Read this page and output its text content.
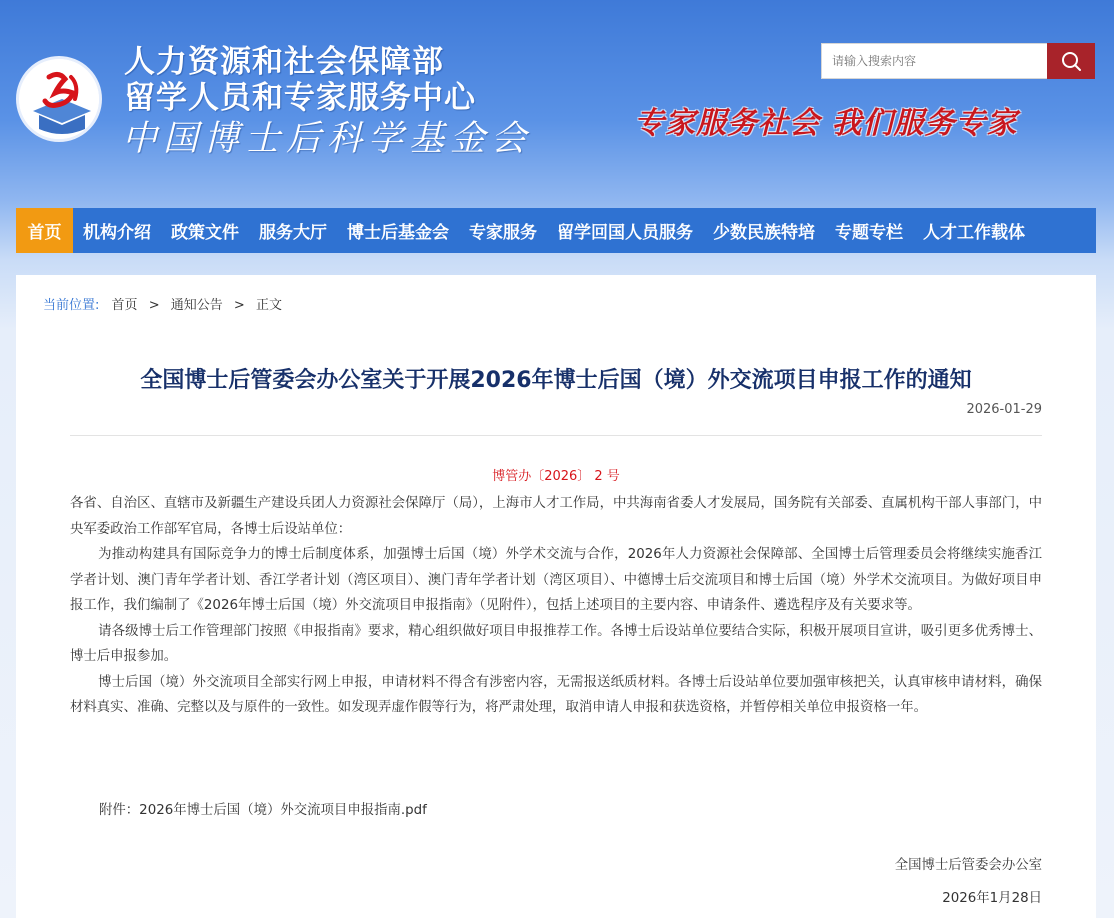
人力资源和社会保障部
留学人员和专家服务中心
中国博士后科学基金会
请输入搜索内容	专家服务社会 我们服务专家
首页	机构介绍	政策文件	服务大厅	博士后基金会	专家服务	留学回国人员服务	少数民族特培	专题专栏	人才工作载体
当前位置: 首页 > 通知公告 > 正文
全国博士后管委会办公室关于开展2026年博士后国（境）外交流项目申报工作的通知
2026-01-29
博管办〔2026〕 2 号

各省、自治区、直辖市及新疆生产建设兵团人力资源社会保障厅（局），上海市人才工作局，中共海南省委人才发展局，国务院有关部委、直属机构干部人事部门，中央军委政治工作部军官局，各博士后设站单位：

为推动构建具有国际竞争力的博士后制度体系，加强博士后国（境）外学术交流与合作，2026年人力资源社会保障部、全国博士后管理委员会将继续实施香江学者计划、澳门青年学者计划、香江学者计划（湾区项目）、澳门青年学者计划（湾区项目）、中德博士后交流项目和博士后国（境）外学术交流项目。为做好项目申报工作，我们编制了《2026年博士后国（境）外交流项目申报指南》（见附件），包括上述项目的主要内容、申请条件、遴选程序及有关要求等。

请各级博士后工作管理部门按照《申报指南》要求，精心组织做好项目申报推荐工作。各博士后设站单位要结合实际，积极开展项目宣讲，吸引更多优秀博士、博士后申报参加。

博士后国（境）外交流项目全部实行网上申报，申请材料不得含有涉密内容，无需报送纸质材料。各博士后设站单位要加强审核把关，认真审核申请材料，确保材料真实、准确、完整以及与原件的一致性。如发现弄虚作假等行为，将严肃处理，取消申请人申报和获选资格，并暂停相关单位申报资格一年。

附件：2026年博士后国（境）外交流项目申报指南.pdf
全国博士后管委会办公室
2026年1月28日
